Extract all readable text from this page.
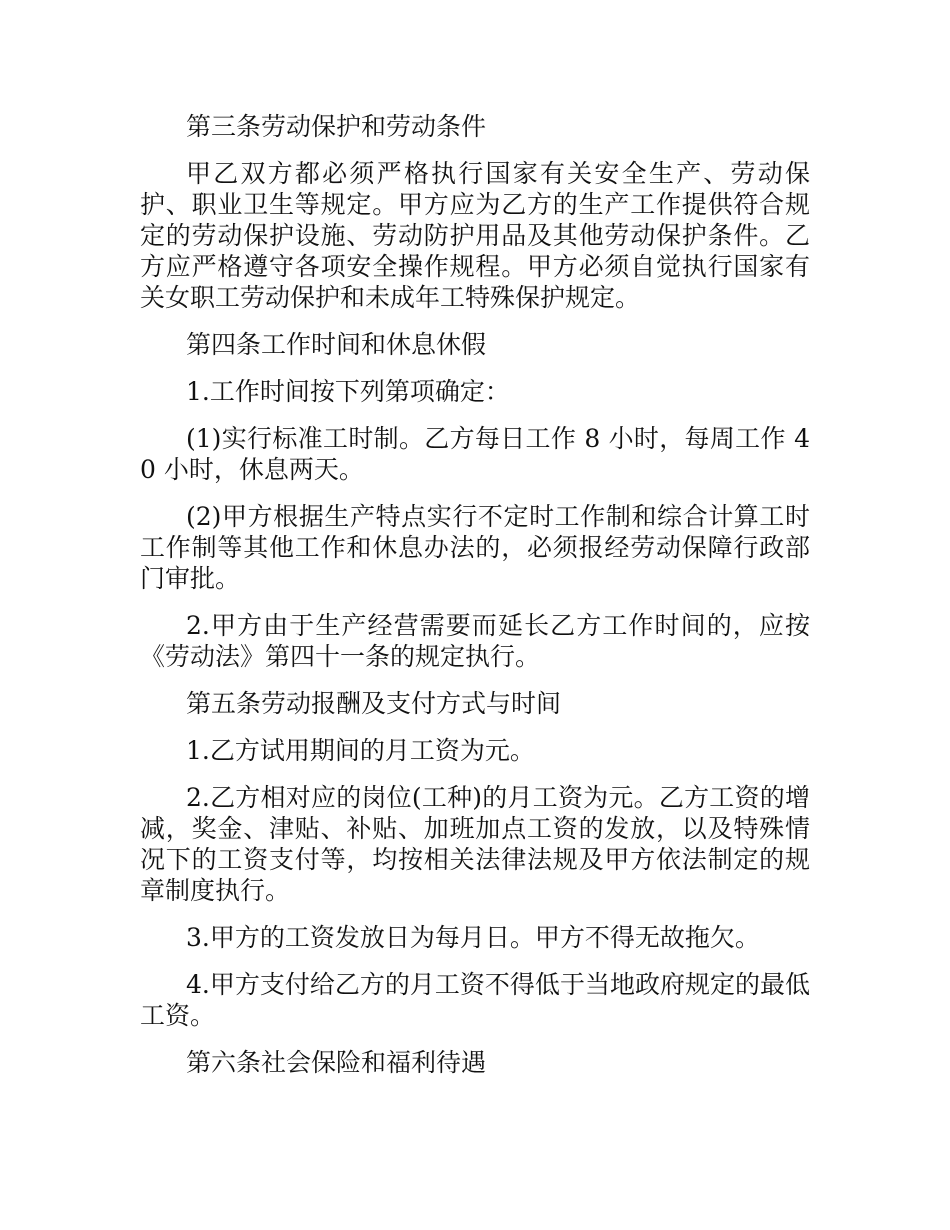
第三条劳动保护和劳动条件

甲乙双方都必须严格执行国家有关安全生产、劳动保护、职业卫生等规定。甲方应为乙方的生产工作提供符合规定的劳动保护设施、劳动防护用品及其他劳动保护条件。乙方应严格遵守各项安全操作规程。甲方必须自觉执行国家有关女职工劳动保护和未成年工特殊保护规定。

第四条工作时间和休息休假

1.工作时间按下列第项确定：

(1)实行标准工时制。乙方每日工作 8 小时，每周工作 40 小时，休息两天。

(2)甲方根据生产特点实行不定时工作制和综合计算工时工作制等其他工作和休息办法的，必须报经劳动保障行政部门审批。

2.甲方由于生产经营需要而延长乙方工作时间的，应按《劳动法》第四十一条的规定执行。

第五条劳动报酬及支付方式与时间

1.乙方试用期间的月工资为元。

2.乙方相对应的岗位(工种)的月工资为元。乙方工资的增减，奖金、津贴、补贴、加班加点工资的发放，以及特殊情况下的工资支付等，均按相关法律法规及甲方依法制定的规章制度执行。

3.甲方的工资发放日为每月日。甲方不得无故拖欠。

4.甲方支付给乙方的月工资不得低于当地政府规定的最低工资。

第六条社会保险和福利待遇
